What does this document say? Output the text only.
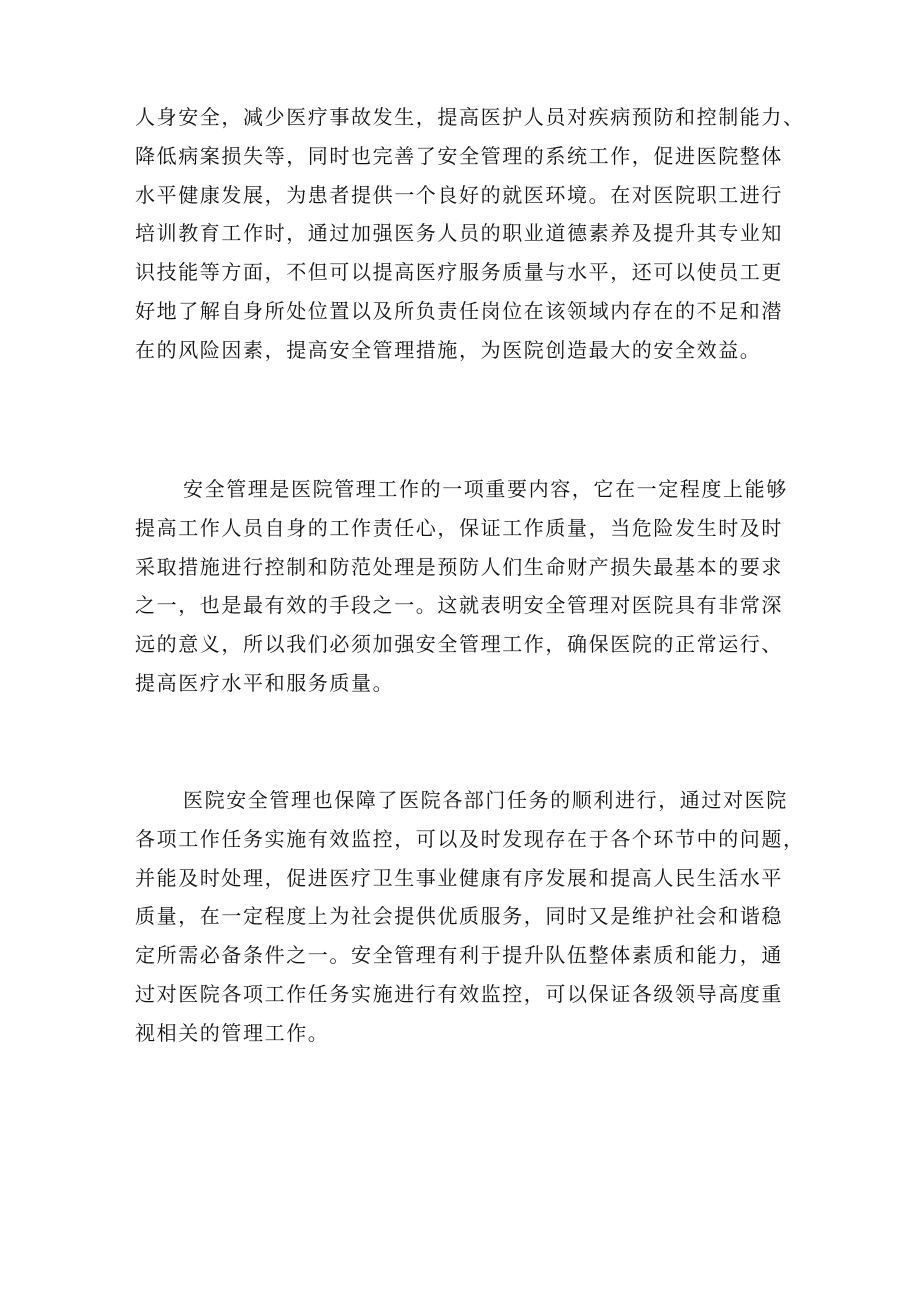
人身安全，减少医疗事故发生，提高医护人员对疾病预防和控制能力、
降低病案损失等，同时也完善了安全管理的系统工作，促进医院整体
水平健康发展，为患者提供一个良好的就医环境。在对医院职工进行
培训教育工作时，通过加强医务人员的职业道德素养及提升其专业知
识技能等方面，不但可以提高医疗服务质量与水平，还可以使员工更
好地了解自身所处位置以及所负责任岗位在该领域内存在的不足和潜
在的风险因素，提高安全管理措施，为医院创造最大的安全效益。
安全管理是医院管理工作的一项重要内容，它在一定程度上能够
提高工作人员自身的工作责任心，保证工作质量，当危险发生时及时
采取措施进行控制和防范处理是预防人们生命财产损失最基本的要求
之一，也是最有效的手段之一。这就表明安全管理对医院具有非常深
远的意义，所以我们必须加强安全管理工作，确保医院的正常运行、
提高医疗水平和服务质量。
医院安全管理也保障了医院各部门任务的顺利进行，通过对医院
各项工作任务实施有效监控，可以及时发现存在于各个环节中的问题，
并能及时处理，促进医疗卫生事业健康有序发展和提高人民生活水平
质量，在一定程度上为社会提供优质服务，同时又是维护社会和谐稳
定所需必备条件之一。安全管理有利于提升队伍整体素质和能力，通
过对医院各项工作任务实施进行有效监控，可以保证各级领导高度重
视相关的管理工作。
